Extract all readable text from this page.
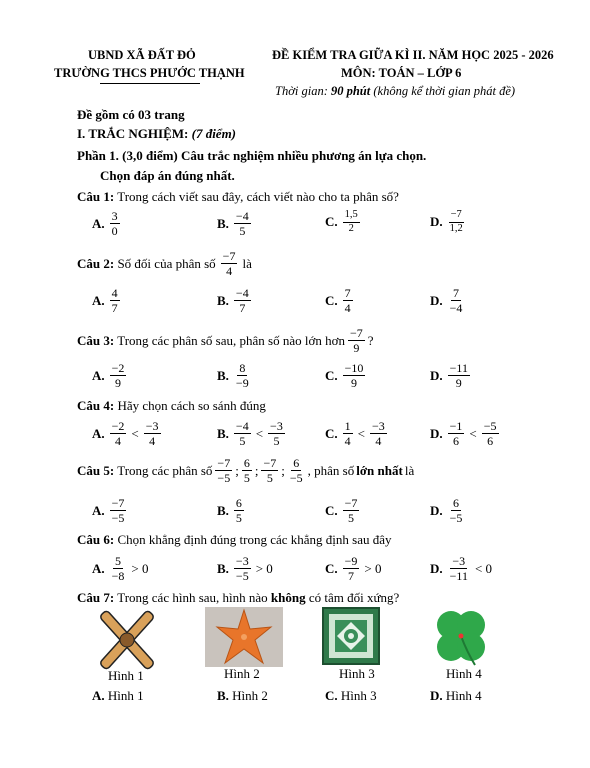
UBND XÃ ĐẤT ĐỎ
TRƯỜNG THCS PHƯỚC THẠNH
ĐỀ KIỂM TRA GIỮA KÌ II. NĂM HỌC 2025 - 2026
MÔN: TOÁN – LỚP 6
Thời gian: 90 phút (không kể thời gian phát đề)
Đề gồm có 03 trang
I. TRẮC NGHIỆM: (7 điểm)
Phần 1. (3,0 điểm) Câu trắc nghiệm nhiều phương án lựa chọn.
Chọn đáp án đúng nhất.
Câu 1: Trong cách viết sau đây, cách viết nào cho ta phân số?
A. $\frac{3}{0}$	B. $\frac{-4}{5}$	C. $\frac{1,5}{2}$	D. $\frac{-7}{1,2}$
Câu 2: Số đối của phân số $\frac{-7}{4}$ là
A. $\frac{4}{7}$	B. $\frac{-4}{7}$	C. $\frac{7}{4}$	D. $\frac{7}{-4}$
Câu 3: Trong các phân số sau, phân số nào lớn hơn $\frac{-7}{9}$ ?
A. $\frac{-2}{9}$	B. $\frac{8}{-9}$	C. $\frac{-10}{9}$	D. $\frac{-11}{9}$
Câu 4: Hãy chọn cách so sánh đúng
A. $\frac{-2}{4} < \frac{-3}{4}$	B. $\frac{-4}{5} < \frac{-3}{5}$	C. $\frac{1}{4} < \frac{-3}{4}$	D. $\frac{-1}{6} < \frac{-5}{6}$
Câu 5: Trong các phân số $\frac{-7}{-5}$ ; $\frac{6}{5}$ ; $\frac{-7}{5}$ ; $\frac{6}{-5}$ , phân số lớn nhất là
A. $\frac{-7}{-5}$	B. $\frac{6}{5}$	C. $\frac{-7}{5}$	D. $\frac{6}{-5}$
Câu 6: Chọn khẳng định đúng trong các khẳng định sau đây
A. $\frac{5}{-8} > 0$	B. $\frac{-3}{-5} > 0$	C. $\frac{-9}{7} > 0$	D. $\frac{-3}{-11} < 0$
Câu 7: Trong các hình sau, hình nào không có tâm đối xứng?
Hình 1	Hình 2	Hình 3	Hình 4
A. Hình 1	B. Hình 2	C. Hình 3	D. Hình 4
